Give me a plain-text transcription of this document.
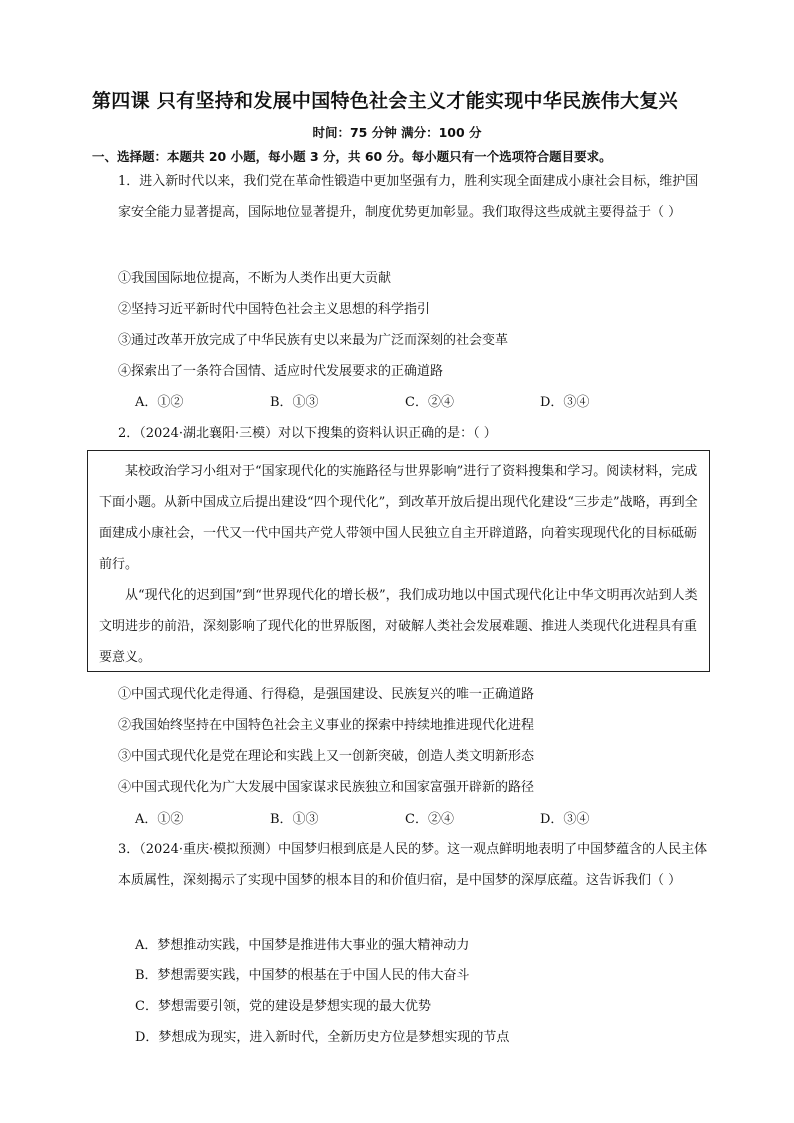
第四课 只有坚持和发展中国特色社会主义才能实现中华民族伟大复兴
时间：75 分钟 满分：100 分
一、选择题：本题共 20 小题，每小题 3 分，共 60 分。每小题只有一个选项符合题目要求。
1．进入新时代以来，我们党在革命性锻造中更加坚强有力，胜利实现全面建成小康社会目标，维护国家安全能力显著提高，国际地位显著提升，制度优势更加彰显。我们取得这些成就主要得益于（ ）
①我国国际地位提高，不断为人类作出更大贡献
②坚持习近平新时代中国特色社会主义思想的科学指引
③通过改革开放完成了中华民族有史以来最为广泛而深刻的社会变革
④探索出了一条符合国情、适应时代发展要求的正确道路
A．①②	B．①③	C．②④	D．③④
2．（2024·湖北襄阳·三模）对以下搜集的资料认识正确的是：（ ）
某校政治学习小组对于“国家现代化的实施路径与世界影响”进行了资料搜集和学习。阅读材料，完成下面小题。从新中国成立后提出建设“四个现代化”，到改革开放后提出现代化建设“三步走”战略，再到全面建成小康社会，一代又一代中国共产党人带领中国人民独立自主开辟道路，向着实现现代化的目标砥砺前行。
从“现代化的迟到国”到“世界现代化的增长极”，我们成功地以中国式现代化让中华文明再次站到人类文明进步的前沿，深刻影响了现代化的世界版图，对破解人类社会发展难题、推进人类现代化进程具有重要意义。
①中国式现代化走得通、行得稳，是强国建设、民族复兴的唯一正确道路
②我国始终坚持在中国特色社会主义事业的探索中持续地推进现代化进程
③中国式现代化是党在理论和实践上又一创新突破，创造人类文明新形态
④中国式现代化为广大发展中国家谋求民族独立和国家富强开辟新的路径
A．①②	B．①③	C．②④	D．③④
3．（2024·重庆·模拟预测）中国梦归根到底是人民的梦。这一观点鲜明地表明了中国梦蕴含的人民主体本质属性，深刻揭示了实现中国梦的根本目的和价值归宿，是中国梦的深厚底蕴。这告诉我们（ ）
A．梦想推动实践，中国梦是推进伟大事业的强大精神动力
B．梦想需要实践，中国梦的根基在于中国人民的伟大奋斗
C．梦想需要引领，党的建设是梦想实现的最大优势
D．梦想成为现实，进入新时代，全新历史方位是梦想实现的节点
